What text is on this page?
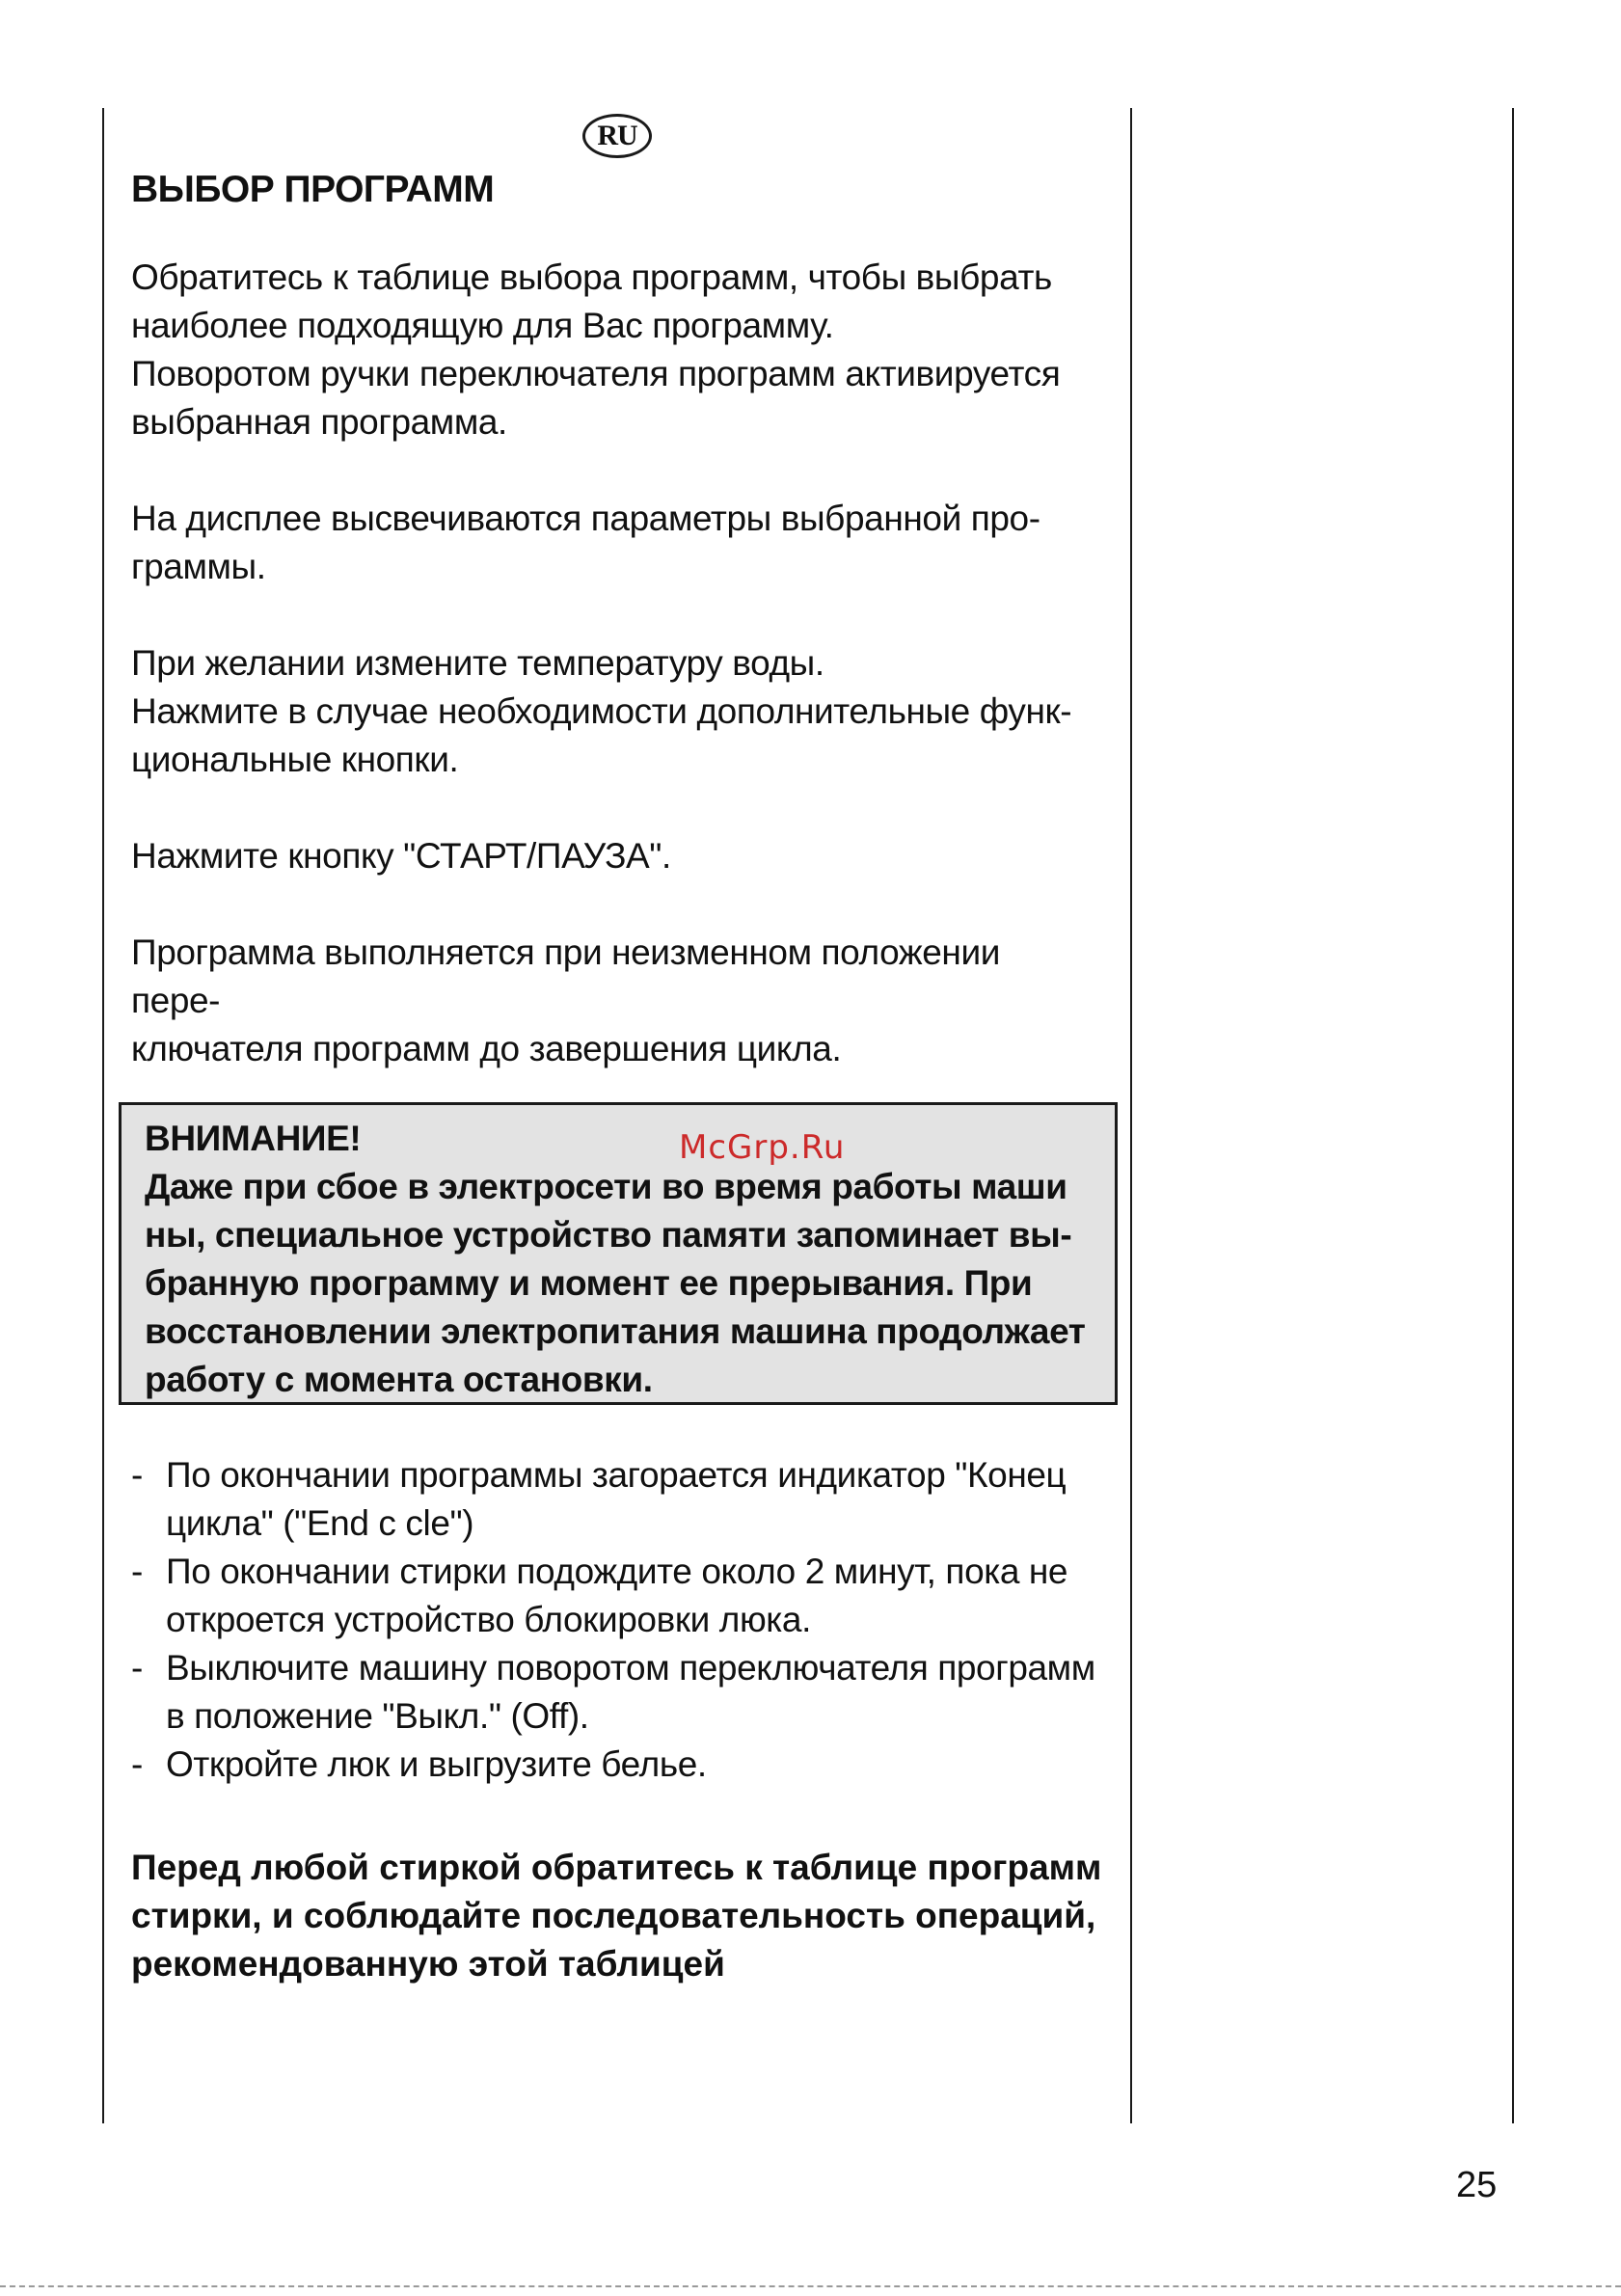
RU
ВЫБОР ПРОГРАММ

Обратитесь к таблице выбора программ, чтобы выбрать
наиболее подходящую для Вас программу.
Поворотом ручки переключателя программ активируется
выбранная программа.

На дисплее высвечиваются параметры выбранной про-
граммы.

При желании измените температуру воды.
Нажмите в случае необходимости дополнительные функ-
циональные кнопки.

Нажмите кнопку "СТАРТ/ПАУЗА".

Программа выполняется при неизменном положении пере-
ключателя программ до завершения цикла.

ВНИМАНИЕ!
Даже при сбое в электросети во время работы маши
ны, специальное устройство памяти запоминает вы-
бранную программу и момент ее прерывания. При
восстановлении электропитания машина продолжает
работу с момента остановки.
McGrp.Ru
- По окончании программы загорается индикатор "Конец
цикла" ("End c cle")
- По окончании стирки подождите около 2 минут, пока не
откроется устройство блокировки люка.
- Выключите машину поворотом переключателя программ
в положение "Выкл." (Off).
- Откройте люк и выгрузите белье.
Перед любой стиркой обратитесь к таблице программ
стирки, и соблюдайте последовательность операций,
рекомендованную этой таблицей
25
